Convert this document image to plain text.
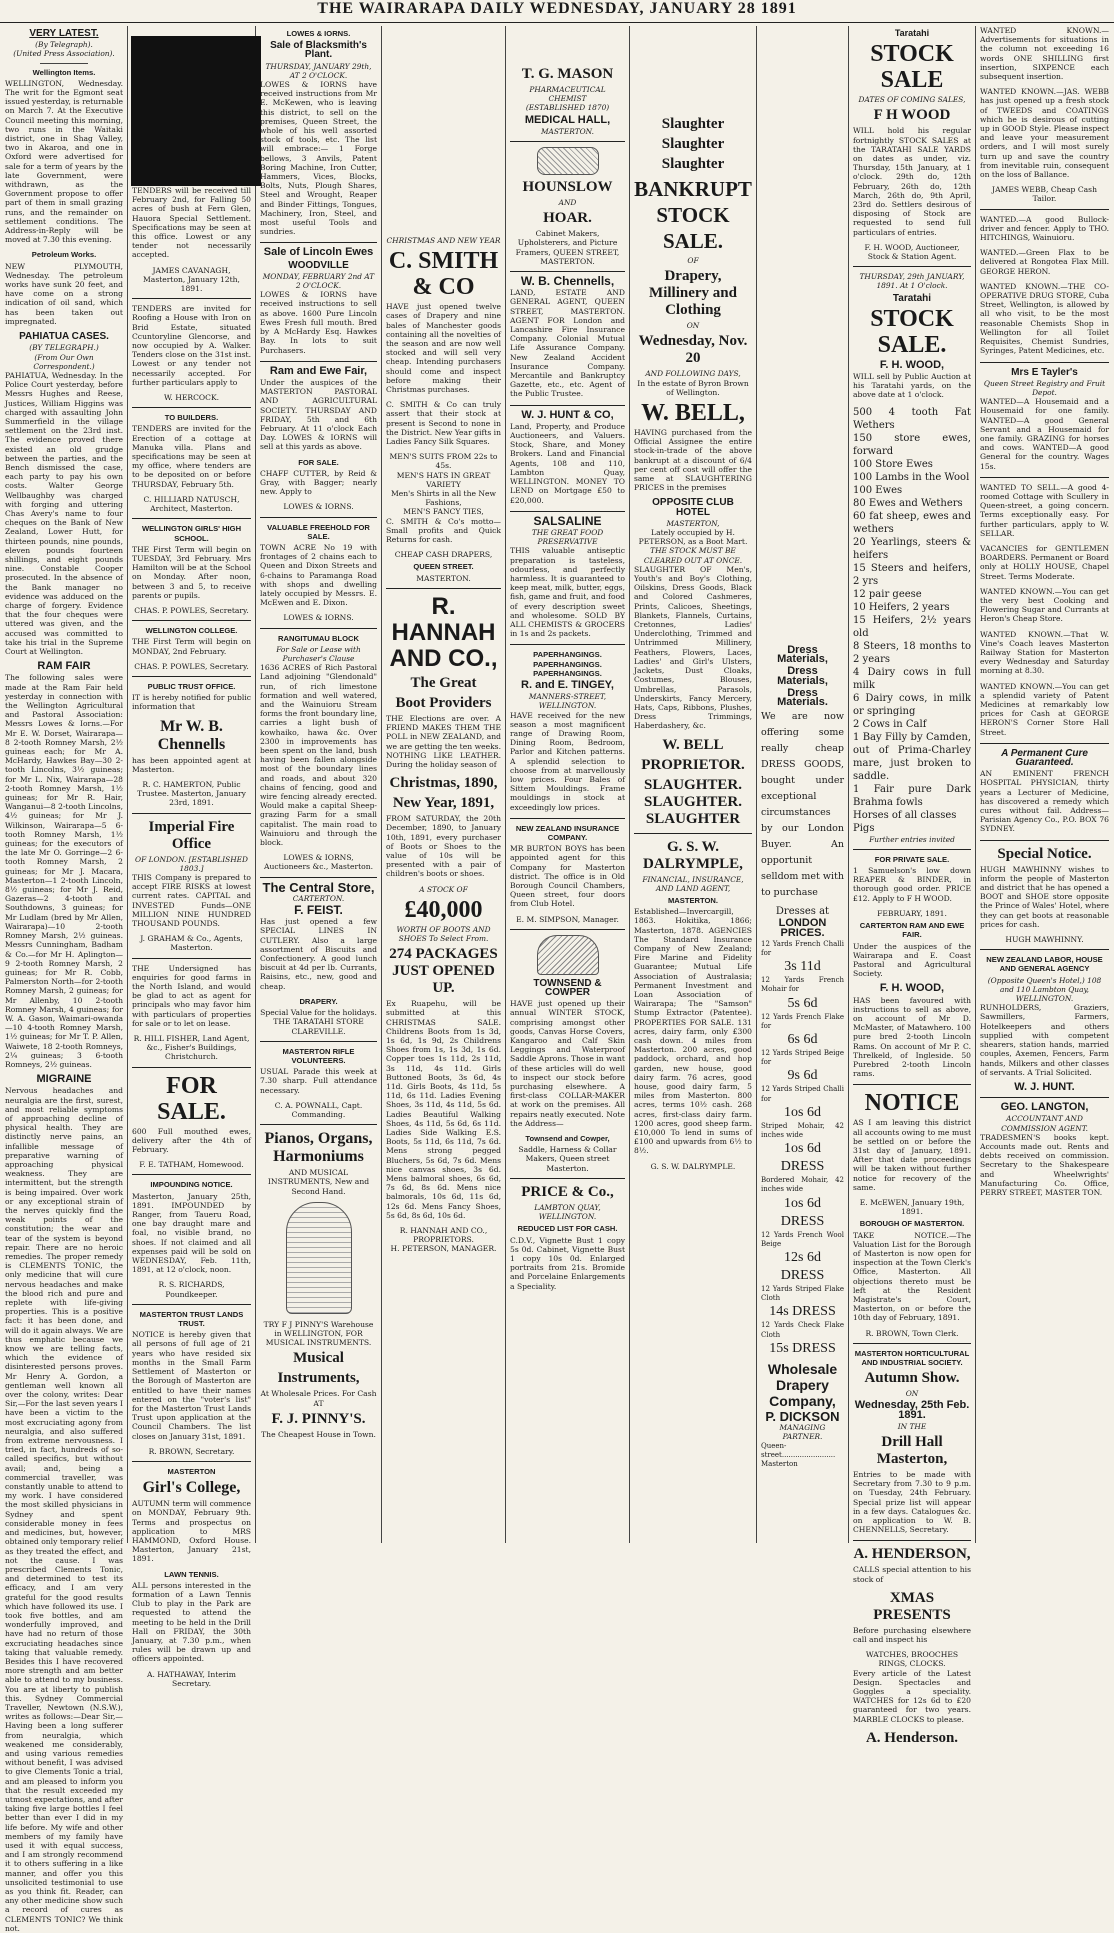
THE WAIRARAPA DAILY WEDNESDAY, JANUARY 28 1891
VERY LATEST.
(By Telegraph).
(United Press Association).
Wellington Items.
WELLINGTON, Wednesday. The writ for the Egmont seat issued yesterday, is returnable on March 7. At the Executive Council meeting this morning, two runs in the Waitaki district, one in Shag Valley, two in Akaroa, and one in Oxford were advertised for sale for a term of years by the late Government, were withdrawn, as the Government propose to offer part of them in small grazing runs, and the remainder on settlement conditions. The Address-in-Reply will be moved at 7.30 this evening.
Petroleum Works.
NEW PLYMOUTH, Wednesday. The petroleum works have sunk 20 feet, and have come on a strong indication of oil sand, which has been taken out impregnated.
PAHIATUA CASES.
(BY TELEGRAPH.)
(From Our Own Correspondent.)
PAHIATUA, Wednesday. In the Police Court yesterday, before Messrs Hughes and Reese, Justices, William Higgins was charged with assaulting John Summerfield in the village settlement on the 23rd inst. The evidence proved there existed an old grudge between the parties, and the Bench dismissed the case, each party to pay his own costs. Walter George Wellbaughby was charged with forging and uttering Chas Avery's name to four cheques on the Bank of New Zealand, Lower Hutt, for thirteen pounds, nine pounds, eleven pounds fourteen shillings, and eight pounds nine. Constable Cooper prosecuted. In the absence of the Bank manager no evidence was adduced on the charge of forgery. Evidence that the four cheques were uttered was given, and the accused was committed to take his trial in the Supreme Court at Wellington.
RAM FAIR
The following sales were made at the Ram Fair held yesterday in connection with the Wellington Agricultural and Pastoral Association: Messrs Lowes & Iorns.—For Mr E. W. Dorset, Wairarapa—8 2-tooth Romney Marsh, 2½ guineas each; for Mr A. McHardy, Hawkes Bay—30 2-tooth Lincolns, 3½ guineas; for Mr L. Nix, Wairarapa—28 2-tooth Romney Marsh, 1½ guineas; for Mr R. Hair, Wanganui—8 2-tooth Lincolns, 4½ guineas; for Mr J. Wilkinson, Wairarapa—5 6-tooth Romney Marsh, 1½ guineas; for the executors of the late Mr O. Gorringe—2 6-tooth Romney Marsh, 2 guineas; for Mr J. Macara, Masterton—1 2-tooth Lincoln, 8½ guineas; for Mr J. Reid, Gazeras—2 4-tooth and Southdowns, 3 guineas; for Mr Ludlam (bred by Mr Allen, Wairarapa)—10 2-tooth Romney Marsh, 2½ guineas. Messrs Cunningham, Badham & Co.—for Mr H. Aplington—9 2-tooth Romney Marsh, 2 guineas; for Mr R. Cobb, Palmerston North—for 2-tooth Romney Marsh, 2 guineas; for Mr Allenby, 10 2-tooth Romney Marsh, 4 guineas; for W. A. Gason, Waimari-owanda—10 4-tooth Romney Marsh, 1½ guineas; for Mr T. P. Allen, Waiwete, 18 2-tooth Romneys, 2¼ guineas; 3 6-tooth Romneys, 2½ guineas.
MIGRAINE
Nervous headaches and neuralgia are the first, surest, and most reliable symptoms of approaching decline of physical health. They are distinctly nerve pains, an infallible message of preparative warning of approaching physical weakness. They are intermittent, but the strength is being impaired. Over work or any exceptional strain of the nerves quickly find the weak points of the constitution; the wear and tear of the system is beyond repair. There are no heroic remedies. The proper remedy is CLEMENTS TONIC, the only medicine that will cure nervous headaches and make the blood rich and pure and replete with life-giving properties. This is a positive fact: it has been done, and will do it again always. We are thus emphatic because we know we are telling facts, which the evidence of disinterested persons proves. Mr Henry A. Gordon, a gentleman well known all over the colony, writes: Dear Sir,—For the last seven years I have been a victim to the most excruciating agony from neuralgia, and also suffered from extreme nervousness. I tried, in fact, hundreds of so-called specifics, but without avail; and, being a commercial traveller, was constantly unable to attend to my work. I have considered the most skilled physicians in Sydney and spent considerable money in fees and medicines, but, however, obtained only temporary relief as they treated the effect, and not the cause. I was prescribed Clements Tonic, and determined to test its efficacy, and I am very grateful for the good results which have followed its use. I took five bottles, and am wonderfully improved, and have had no return of those excruciating headaches since taking that valuable remedy. Besides this I have recovered more strength and am better able to attend to my business. You are at liberty to publish this. Sydney Commercial Traveller, Newtown (N.S.W.), writes as follows:—Dear Sir,—Having been a long sufferer from neuralgia, which weakened me considerably, and using various remedies without benefit, I was advised to give Clements Tonic a trial, and am pleased to inform you that the result exceeded my utmost expectations, and after taking five large bottles I feel better than ever I did in my life before. My wife and other members of my family have used it with equal success, and I am strongly recommend it to others suffering in a like manner, and offer you this unsolicited testimonial to use as you think fit. Reader, can any other medicine show such a record of cures as CLEMENTS TONIC? We think not.
TENDERS will be received till February 2nd, for Falling 50 acres of bush at Fern Glen, Hauora Special Settlement. Specifications may be seen at this office. Lowest or any tender not necessarily accepted.
JAMES CAVANAGH, Masterton, January 12th, 1891.
TENDERS are invited for Roofing a House with Iron on Brid Estate, situated Ccuntoryline Glencorse, and now occupied by A. Walker. Tenders close on the 31st inst. Lowest or any tender not necessarily accepted. For further particulars apply to
W. HERCOCK.
TO BUILDERS.
TENDERS are invited for the Erection of a cottage at Manuka villa. Plans and specifications may be seen at my office, where tenders are to be deposited on or before THURSDAY, February 5th.
C. HILLIARD NATUSCH, Architect, Masterton.
WELLINGTON GIRLS' HIGH SCHOOL.
THE First Term will begin on TUESDAY, 3rd February. Mrs Hamilton will be at the School on Monday. After noon, between 3 and 5, to receive parents or pupils.
CHAS. P. POWLES, Secretary.
WELLINGTON COLLEGE.
THE First Term will begin on MONDAY, 2nd February.
CHAS. P. POWLES, Secretary.
PUBLIC TRUST OFFICE.
IT is hereby notified for public information that
Mr W. B. Chennells
has been appointed agent at Masterton.
R. C. HAMERTON, Public Trustee. Masterton, January 23rd, 1891.
Imperial Fire Office
OF LONDON. [ESTABLISHED 1803.]
THIS Company is prepared to accept FIRE RISKS at lowest current rates. CAPITAL and INVESTED Funds—ONE MILLION NINE HUNDRED THOUSAND POUNDS.
J. GRAHAM & Co., Agents, Masterton.
THE Undersigned has enquiries for good farms in the North Island, and would be glad to act as agent for principals who may favor him with particulars of properties for sale or to let on lease.
R. HILL FISHER, Land Agent, &c., Fisher's Buildings, Christchurch.
FOR SALE.
600 Full mouthed ewes, delivery after the 4th of February.
F. E. TATHAM, Homewood.
IMPOUNDING NOTICE.
Masterton, January 25th, 1891. IMPOUNDED by Ranger, from Taueru Road, one bay draught mare and foal, no visible brand, no shoes. If not claimed and all expenses paid will be sold on WEDNESDAY, Feb. 11th, 1891, at 12 o'clock, noon.
R. S. RICHARDS, Poundkeeper.
MASTERTON TRUST LANDS TRUST.
NOTICE is hereby given that all persons of full age of 21 years who have resided six months in the Small Farm Settlement of Masterton or the Borough of Masterton are entitled to have their names entered on the "voter's list" for the Masterton Trust Lands Trust upon application at the Council Chambers. The list closes on January 31st, 1891.
R. BROWN, Secretary.
MASTERTON
Girl's College,
AUTUMN term will commence on MONDAY, February 9th. Terms and prospectus on application to MRS HAMMOND, Oxford House. Masterton, January 21st, 1891.
LAWN TENNIS.
ALL persons interested in the formation of a Lawn Tennis Club to play in the Park are requested to attend the meeting to be held in the Drill Hall on FRIDAY, the 30th January, at 7.30 p.m., when rules will be drawn up and officers appointed.
A. HATHAWAY, Interim Secretary.
LOWES & IORNS.
Sale of Blacksmith's Plant.
THURSDAY, JANUARY 29th, AT 2 O'CLOCK.
LOWES & IORNS have received instructions from Mr E. McKewen, who is leaving this district, to sell on the premises, Queen Street, the whole of his well assorted stock of tools, etc. The list will embrace:— 1 Forge bellows, 3 Anvils, Patent Boring Machine, Iron Cutter, Hammers, Vices, Blocks, Bolts, Nuts, Plough Shares, Steel and Wrought, Reaper and Binder Fittings, Tongues, Machinery, Iron, Steel, and most useful Tools and sundries.
Sale of Lincoln Ewes
WOODVILLE
MONDAY, FEBRUARY 2nd AT 2 O'CLOCK.
LOWES & IORNS have received instructions to sell as above. 1600 Pure Lincoln Ewes Fresh full mouth. Bred by A McHardy Esq. Hawkes Bay. In lots to suit Purchasers.
Ram and Ewe Fair,
Under the auspices of the MASTERTON PASTORAL AND AGRICULTURAL SOCIETY. THURSDAY AND FRIDAY, 5th and 6th February. At 11 o'clock Each Day. LOWES & IORNS will sell at this yards as above.
FOR SALE.
CHAFF CUTTER, by Reid & Gray, with Bagger; nearly new. Apply to
LOWES & IORNS.
VALUABLE FREEHOLD FOR SALE.
TOWN ACRE No 19 with frontages of 2 chains each to Queen and Dixon Streets and 6-chains to Paramanga Road with shops and dwelling lately occupied by Messrs. E. McEwen and E. Dixon.
LOWES & IORNS.
RANGITUMAU BLOCK
For Sale or Lease with Purchaser's Clause
1636 ACRES of Rich Pastoral Land adjoining "Glendonald" run, of rich limestone formation and well watered, and the Wainuioru Stream forms the front boundary line, carries a light bush of kowhaiko, hawa &c. Over 2300 in improvements has been spent on the land, bush having been fallen alongside most of the boundary lines and roads, and about 320 chains of fencing, good and wire fencing already erected. Would make a capital Sheep-grazing Farm for a small capitalist. The main road to Wainuioru and through the block.
LOWES & IORNS, Auctioneers &c., Masterton.
The Central Store,
CARTERTON.
F. FEIST.
Has just opened a few SPECIAL LINES IN CUTLERY. Also a large assortment of Biscuits and Confectionery. A good lunch biscuit at 4d per lb. Currants, Raisins, etc., new, good and cheap.
DRAPERY.
Special Value for the holidays.
THE TARATAHI STORE CLAREVILLE.
MASTERTON RIFLE VOLUNTEERS.
USUAL Parade this week at 7.30 sharp. Full attendance necessary.
C. A. POWNALL, Capt. Commanding.
Pianos, Organs, Harmoniums
AND MUSICAL INSTRUMENTS, New and Second Hand.
TRY F J PINNY'S Warehouse in WELLINGTON, FOR MUSICAL INSTRUMENTS.
Musical
Instruments,
At Wholesale Prices. For Cash AT
F. J. PINNY'S.
The Cheapest House in Town.
CHRISTMAS AND NEW YEAR
C. SMITH & CO
HAVE just opened twelve cases of Drapery and nine bales of Manchester goods containing all the novelties of the season and are now well stocked and will sell very cheap. Intending purchasers should come and inspect before making their Christmas purchases.
C. SMITH & Co can truly assert that their stock at present is Second to none in the District. New Year gifts in Ladies Fancy Silk Squares.
MEN'S SUITS FROM 22s to 45s.
MEN'S HATS IN GREAT VARIETY
Men's Shirts in all the New Fashions,
MEN'S FANCY TIES,
C. SMITH & Co's motto—Small profits and Quick Returns for cash.
CHEAP CASH DRAPERS,
QUEEN STREET.
MASTERTON.
R. HANNAH AND CO.,
The Great
Boot Providers
THE Elections are over. A FRIEND MAKES THEM THE POLL in NEW ZEALAND, and we are getting the ten weeks. NOTHING LIKE LEATHER. During the holiday season of
Christmas, 1890,
New Year, 1891,
FROM SATURDAY, the 20th December, 1890, to January 10th, 1891, every purchaser of Boots or Shoes to the value of 10s will be presented with a pair of children's boots or shoes.
A STOCK OF
£40,000
WORTH OF BOOTS AND SHOES To Select From.
274 PACKAGES JUST OPENED UP.
Ex Ruapehu, will be submitted at this CHRISTMAS SALE. Childrens Boots from 1s 3d, 1s 6d, 1s 9d, 2s Childrens Shoes from 1s, 1s 3d, 1s 6d. Copper toes 1s 11d, 2s 11d, 3s 11d, 4s 11d. Girls Buttoned Boots, 3s 6d, 4s 11d. Girls Boots, 4s 11d, 5s 11d, 6s 11d. Ladies Evening Shoes, 3s 11d, 4s 11d, 5s 6d. Ladies Beautiful Walking Shoes, 4s 11d, 5s 6d, 6s 11d. Ladies Side Walking E.S. Boots, 5s 11d, 6s 11d, 7s 6d. Mens strong pegged Bluchers, 5s 6d, 7s 6d. Mens nice canvas shoes, 3s 6d. Mens balmoral shoes, 6s 6d, 7s 6d, 8s 6d. Mens nice balmorals, 10s 6d, 11s 6d, 12s 6d. Mens Fancy Shoes, 5s 6d, 8s 6d, 10s 6d.
R. HANNAH AND CO., PROPRIETORS.
H. PETERSON, MANAGER.
T. G. MASON
PHARMACEUTICAL CHEMIST
(ESTABLISHED 1870)
MEDICAL HALL,
MASTERTON.
HOUNSLOW
AND
HOAR.
Cabinet Makers, Upholsterers, and Picture Framers, QUEEN STREET, MASTERTON.
W. B. Chennells,
LAND, ESTATE AND GENERAL AGENT, QUEEN STREET, MASTERTON. AGENT FOR London and Lancashire Fire Insurance Company. Colonial Mutual Life Assurance Company. New Zealand Accident Insurance Company. Mercantile and Bankruptcy Gazette, etc., etc. Agent of the Public Trustee.
W. J. HUNT & CO,
Land, Property, and Produce Auctioneers, and Valuers. Stock, Share, and Money Brokers. Land and Financial Agents, 108 and 110, Lambton Quay, WELLINGTON. MONEY TO LEND on Mortgage £50 to £20,000.
SALSALINE
THE GREAT FOOD PRESERVATIVE
THIS valuable antiseptic preparation is tasteless, odourless, and perfectly harmless. It is guaranteed to keep meat, milk, butter, eggs, fish, game and fruit, and food of every description sweet and wholesome. SOLD BY ALL CHEMISTS & GROCERS in 1s and 2s packets.
PAPERHANGINGS. PAPERHANGINGS. PAPERHANGINGS.
R. and E. TINGEY,
MANNERS-STREET, WELLINGTON.
HAVE received for the new season a most magnificent range of Drawing Room, Dining Room, Bedroom, Parlor and Kitchen patterns. A splendid selection to choose from at marvellously low prices. Four Bales of Sittem Mouldings. Frame mouldings in stock at exceedingly low prices.
NEW ZEALAND INSURANCE COMPANY.
MR BURTON BOYS has been appointed agent for this Company for Masterton district. The office is in Old Borough Council Chambers, Queen street, four doors from Club Hotel.
E. M. SIMPSON, Manager.
TOWNSEND & COWPER
HAVE just opened up their annual WINTER STOCK, comprising amongst other goods, Canvas Horse Covers, Kangaroo and Calf Skin Leggings and Waterproof Saddle Aprons. Those in want of these articles will do well to inspect our stock before purchasing elsewhere. A first-class COLLAR-MAKER at work on the premises. All repairs neatly executed. Note the Address—
Townsend and Cowper,
Saddle, Harness & Collar Makers, Queen street Masterton.
PRICE & Co.,
LAMBTON QUAY, WELLINGTON.
REDUCED LIST FOR CASH.
C.D.V., Vignette Bust 1 copy 5s 0d. Cabinet, Vignette Bust 1 copy 10s 0d. Enlarged portraits from 21s. Bromide and Porcelaine Enlargements a Speciality.
Slaughter
Slaughter
Slaughter
BANKRUPT STOCK SALE.
OF
Drapery, Millinery and Clothing
ON
Wednesday, Nov. 20
AND FOLLOWING DAYS,
In the estate of Byron Brown of Wellington.
W. BELL,
HAVING purchased from the Official Assignee the entire stock-in-trade of the above bankrupt at a discount of 6/4 per cent off cost will offer the same at SLAUGHTERING PRICES in the premises
OPPOSITE CLUB HOTEL
MASTERTON,
Lately occupied by H. PETERSON, as a Boot Mart.
THE STOCK MUST BE CLEARED OUT AT ONCE.
SLAUGHTER OF Men's, Youth's and Boy's Clothing, Oilskins, Dress Goods, Black and Colored Cashmeres, Prints, Calicoes, Sheetings, Blankets, Flannels, Curtains, Cretonnes, Ladies' Underclothing, Trimmed and Untrimmed Millinery, Feathers, Flowers, Laces, Ladies' and Girl's Ulsters, Jackets, Dust Cloaks, Costumes, Blouses, Umbrellas, Parasols, Underskirts, Fancy Mercery, Hats, Caps, Ribbons, Plushes, Dress Trimmings, Haberdashery, &c.
W. BELL
PROPRIETOR.
SLAUGHTER. SLAUGHTER. SLAUGHTER
G. S. W. DALRYMPLE,
FINANCIAL, INSURANCE, AND LAND AGENT,
MASTERTON.
Established—Invercargill, 1863. Hokitika, 1866; Masterton, 1878. AGENCIES The Standard Insurance Company of New Zealand; Fire Marine and Fidelity Guarantee; Mutual Life Association of Australasia; Permanent Investment and Loan Association of Wairarapa; The "Samson" Stump Extractor (Patentee). PROPERTIES FOR SALE. 131 acres, dairy farm, only £300 cash down. 4 miles from Masterton. 200 acres, good paddock, orchard, and hop garden, new house, good dairy farm. 76 acres, good house, good dairy farm, 5 miles from Masterton. 800 acres, terms 10½ cash. 268 acres, first-class dairy farm. 1200 acres, good sheep farm. £10,000 To lend in sums of £100 and upwards from 6½ to 8½.
G. S. W. DALRYMPLE.
Dress Materials,
Dress Materials,
Dress Materials.
We are now offering some really cheap DRESS GOODS, bought under exceptional circumstances by our London Buyer. An opportunit selldom met with to purchase
Dresses at
LONDON PRICES.
12 Yards French Challi for
3s 11d
12 Yards French Mohair for
5s 6d
12 Yards French Flake for
6s 6d
12 Yards Striped Beige for
9s 6d
12 Yards Striped Challi for
1os 6d
Striped Mohair, 42 inches wide
1os 6d DRESS
Bordered Mohair, 42 inches wide
1os 6d DRESS
12 Yards French Wool Beige
12s 6d DRESS
12 Yards Striped Flake Cloth
14s DRESS
12 Yards Check Flake Cloth
15s DRESS
Wholesale Drapery Company,
P. DICKSON
MANAGING PARTNER.
Queen-street........................ Masterton
Taratahi
STOCK SALE
DATES OF COMING SALES,
F H WOOD
WILL hold his regular fortnightly STOCK SALES at the TARATAHI SALE YARDS on dates as under, viz. Thursday, 15th January, at 1 o'clock. 29th do, 12th February, 26th do, 12th March, 26th do, 9th April, 23rd do. Settlers desirous of disposing of Stock are requested to send full particulars of entries.
F. H. WOOD, Auctioneer, Stock & Station Agent.
THURSDAY, 29th JANUARY, 1891. At 1 O'clock.
Taratahi
STOCK SALE.
F. H. WOOD,
WILL sell by Public Auction at his Taratahi yards, on the above date at 1 o'clock.
500 4 tooth Fat Wethers
150 store ewes, forward
100 Store Ewes
100 Lambs in the Wool
100 Ewes
80 Ewes and Wethers
60 fat sheep, ewes and wethers
20 Yearlings, steers & heifers
15 Steers and heifers, 2 yrs
12 pair geese
10 Heifers, 2 years
15 Heifers, 2½ years old
8 Steers, 18 months to 2 years
4 Dairy cows in full milk
6 Dairy cows, in milk or springing
2 Cows in Calf
1 Bay Filly by Camden, out of Prima-Charley mare, just broken to saddle.
1 Fair pure Dark Brahma fowls
Horses of all classes
Pigs
Further entries invited
FOR PRIVATE SALE.
1 Samuelson's low down REAPER & BINDER, in thorough good order. PRICE £12. Apply to F H WOOD.
FEBRUARY, 1891.
CARTERTON RAM AND EWE FAIR.
Under the auspices of the Wairarapa and E. Coast Pastoral and Agricultural Society.
F. H. WOOD,
HAS been favoured with instructions to sell as above, on account of Mr D. McMaster, of Matawhero. 100 pure bred 2-tooth Lincoln Rams. On account of Mr P. C. Threlkeld, of Ingleside. 50 Purebred 2-tooth Lincoln rams.
NOTICE
AS I am leaving this district all accounts owing to me must be settled on or before the 31st day of January, 1891. After that date proceedings will be taken without further notice for recovery of the same.
E. McEWEN, January 19th, 1891.
BOROUGH OF MASTERTON.
TAKE NOTICE.—The Valuation List for the Borough of Masterton is now open for inspection at the Town Clerk's Office, Masterton. All objections thereto must be left at the Resident Magistrate's Court, Masterton, on or before the 10th day of February, 1891.
R. BROWN, Town Clerk.
MASTERTON HORTICULTURAL AND INDUSTRIAL SOCIETY.
Autumn Show.
ON
Wednesday, 25th Feb. 1891.
IN THE
Drill Hall Masterton,
Entries to be made with Secretary from 7.30 to 9 p.m. on Tuesday, 24th February. Special prize list will appear in a few days. Catalogues &c. on application to W. B. CHENNELLS, Secretary.
A. HENDERSON,
CALLS special attention to his stock of
XMAS PRESENTS
Before purchasing elsewhere call and inspect his
WATCHES, BROOCHES RINGS, CLOCKS.
Every article of the Latest Design. Spectacles and Goggles a speciality. WATCHES for 12s 6d to £20 guaranteed for two years. MARBLE CLOCKS to please.
A. Henderson.
WANTED KNOWN.—Advertisements for situations in the column not exceeding 16 words ONE SHILLING first insertion, SIXPENCE each subsequent insertion.
WANTED KNOWN.—JAS. WEBB has just opened up a fresh stock of TWEEDS and COATINGS which he is desirous of cutting up in GOOD Style. Please inspect and leave your measurement orders, and I will most surely turn up and save the country from inevitable ruin, consequent on the loss of Ballance.
JAMES WEBB, Cheap Cash Tailor.
WANTED.—A good Bullock-driver and fencer. Apply to THO. HITCHINGS, Wainuioru.
WANTED.—Green Flax to be delivered at Rongotea Flax Mill. GEORGE HERON.
WANTED KNOWN.—THE CO-OPERATIVE DRUG STORE, Cuba Street, Wellington, is allowed by all who visit, to be the most reasonable Chemists Shop in Wellington for all Toilet Requisites, Chemist Sundries, Syringes, Patent Medicines, etc.
Mrs E Tayler's
Queen Street Registry and Fruit Depot.
WANTED—A Housemaid and a Housemaid for one family. WANTED—A good General Servant and a Housemaid for one family. GRAZING for horses and cows. WANTED—A good General for the country. Wages 15s.
WANTED TO SELL.—A good 4-roomed Cottage with Scullery in Queen-street, a going concern. Terms exceptionally easy. For further particulars, apply to W. SELLAR.
VACANCIES for GENTLEMEN BOARDERS. Permanent or Board only at HOLLY HOUSE, Chapel Street. Terms Moderate.
WANTED KNOWN.—You can get the very best Cooking and Flowering Sugar and Currants at Heron's Cheap Store.
WANTED KNOWN.—That W. Vine's Coach leaves Masterton Railway Station for Masterton every Wednesday and Saturday morning at 8.30.
WANTED KNOWN.—You can get a splendid variety of Patent Medicines at remarkably low prices for Cash at GEORGE HERON'S Corner Store Hall Street.
A Permanent Cure Guaranteed.
AN EMINENT FRENCH HOSPITAL PHYSICIAN, thirty years a Lecturer of Medicine, has discovered a remedy which cures without fail. Address—Parisian Agency Co., P.O. BOX 76 SYDNEY.
Special Notice.
HUGH MAWHINNY wishes to inform the people of Masterton and district that he has opened a BOOT and SHOE store opposite the Prince of Wales' Hotel, where they can get boots at reasonable prices for cash.
HUGH MAWHINNY.
NEW ZEALAND LABOR, HOUSE AND GENERAL AGENCY
(Opposite Queen's Hotel,) 108 and 110 Lambton Quay, WELLINGTON.
RUNHOLDERS, Graziers, Sawmillers, Farmers, Hotelkeepers and others supplied with competent shearers, station hands, married couples, Axemen, Fencers, Farm hands, Milkers and other classes of servants. A Trial Solicited.
W. J. HUNT.
GEO. LANGTON,
ACCOUNTANT AND COMMISSION AGENT.
TRADESMEN'S books kept. Accounts made out. Rents and debts received on commission. Secretary to the Shakespeare and Wheelwrights' Manufacturing Co. Office, PERRY STREET, MASTER TON.
